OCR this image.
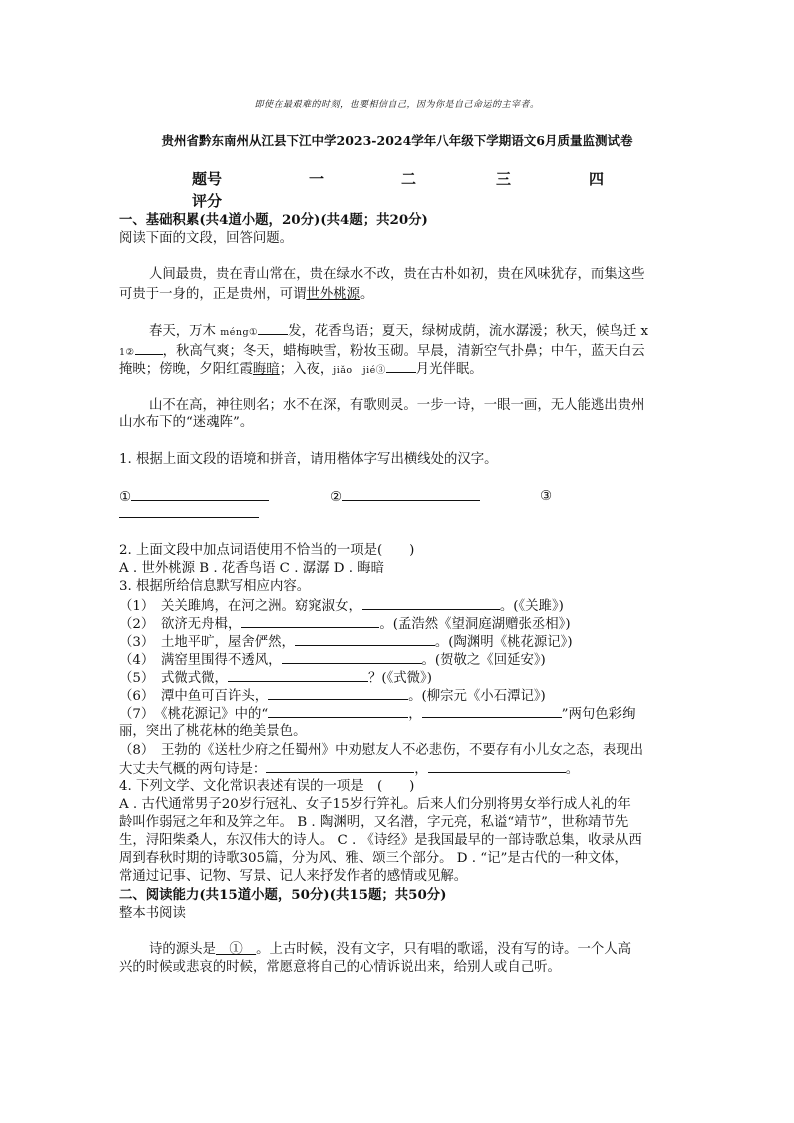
即使在最艰难的时刻，也要相信自己，因为你是自己命运的主宰者。
贵州省黔东南州从江县下江中学2023-2024学年八年级下学期语文6月质量监测试卷
题号	一	二	三	四
评分
一、基础积累(共4道小题，20分)(共4题；共20分)
阅读下面的文段，回答问题。
人间最贵，贵在青山常在，贵在绿水不改，贵在古朴如初，贵在风味犹存，而集这些
可贵于一身的，正是贵州，可谓世外桃源。
春天，万木 méng① 发，花香鸟语；夏天，绿树成荫，流水潺湲；秋天，候鸟迁 x
1② ，秋高气爽；冬天，蜡梅映雪，粉妆玉砌。早晨，清新空气扑鼻；中午，蓝天白云
掩映；傍晚，夕阳红霞晦暗；入夜，jiǎo　jié③ 月光伴眠。
山不在高，神往则名；水不在深，有歌则灵。一步一诗，一眼一画，无人能逃出贵州
山水布下的“迷魂阵”。
1. 根据上面文段的语境和拼音，请用楷体字写出横线处的汉字。
①	②	③
2. 上面文段中加点词语使用不恰当的一项是(　　)
A . 世外桃源 B . 花香鸟语 C . 潺潺 D . 晦暗
3. 根据所给信息默写相应内容。
（1）　关关雎鸠，在河之洲。窈窕淑女，	。(《关雎》)
（2）　欲济无舟楫，	。(孟浩然《望洞庭湖赠张丞相》)
（3）　土地平旷，屋舍俨然，	。(陶渊明《桃花源记》)
（4）　满窑里围得不透风，	。(贺敬之《回延安》)
（5）　式微式微，	？(《式微》)
（6）　潭中鱼可百许头，	。(柳宗元《小石潭记》)
（7）　《桃花源记》中的“	，	”两句色彩绚
丽，突出了桃花林的绝美景色。
（8）　王勃的《送杜少府之任蜀州》中劝慰友人不必悲伤，不要存有小儿女之态，表现出
大丈夫气概的两句诗是：	，	。
4. 下列文学、文化常识表述有误的一项是　(　　)
A . 古代通常男子20岁行冠礼、女子15岁行笄礼。后来人们分别将男女举行成人礼的年
龄叫作弱冠之年和及笄之年。 B . 陶渊明，又名潜，字元亮，私谥“靖节”，世称靖节先
生，浔阳柴桑人，东汉伟大的诗人。 C . 《诗经》是我国最早的一部诗歌总集，收录从西
周到春秋时期的诗歌305篇，分为风、雅、颂三个部分。 D . “记”是古代的一种文体，
常通过记事、记物、写景、记人来抒发作者的感情或见解。
二、阅读能力(共15道小题，50分)(共15题；共50分)
整本书阅读
诗的源头是　①　。上古时候，没有文字，只有唱的歌谣，没有写的诗。一个人高
兴的时候或悲哀的时候，常愿意将自己的心情诉说出来，给别人或自己听。
